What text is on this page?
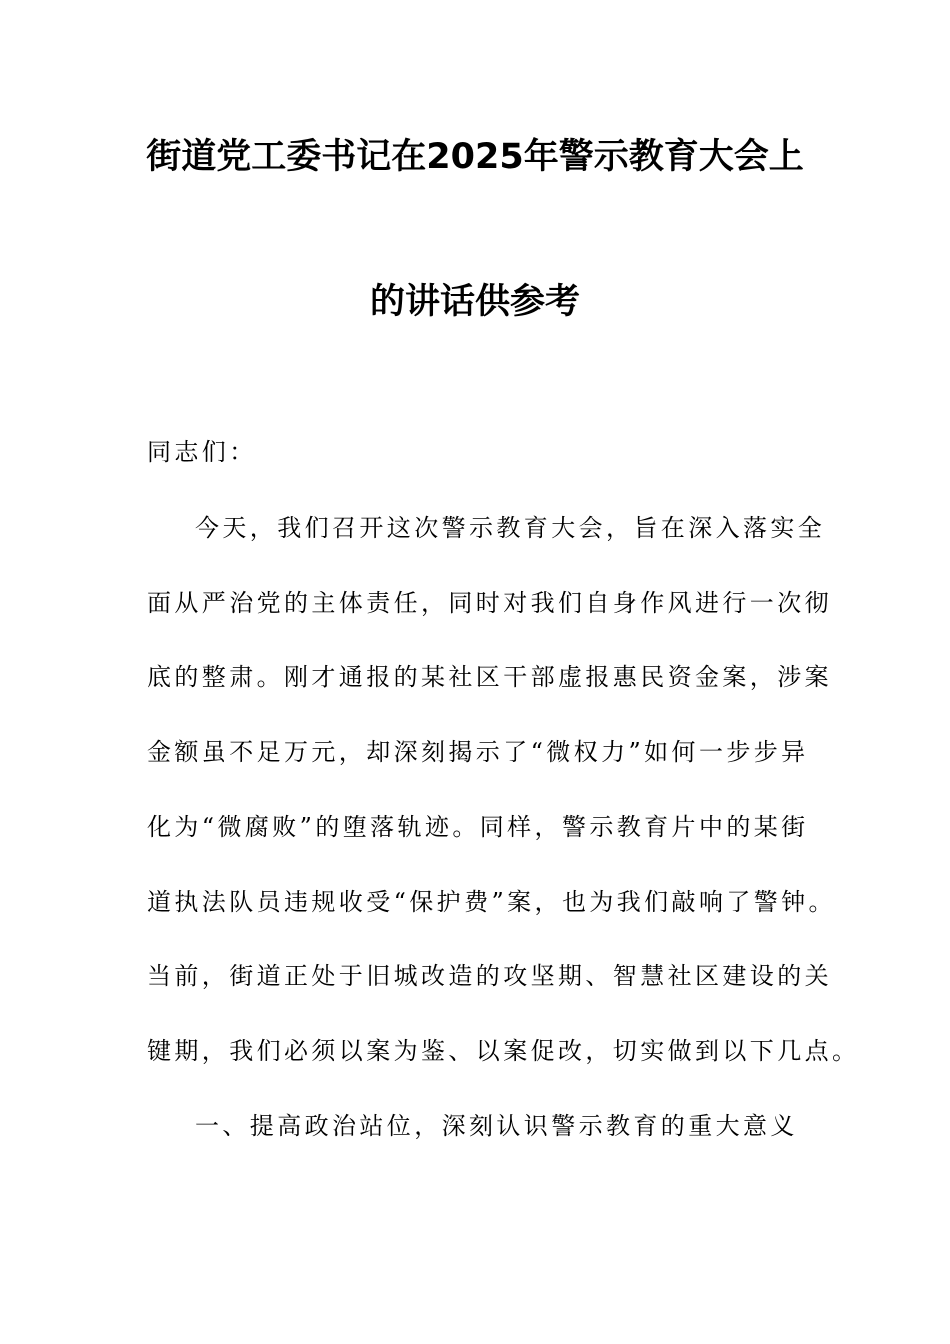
街道党工委书记在2025年警示教育大会上
的讲话供参考
同志们：
今天，我们召开这次警示教育大会，旨在深入落实全
面从严治党的主体责任，同时对我们自身作风进行一次彻
底的整肃。刚才通报的某社区干部虚报惠民资金案，涉案
金额虽不足万元，却深刻揭示了“微权力”如何一步步异
化为“微腐败”的堕落轨迹。同样，警示教育片中的某街
道执法队员违规收受“保护费”案，也为我们敲响了警钟。
当前，街道正处于旧城改造的攻坚期、智慧社区建设的关
键期，我们必须以案为鉴、以案促改，切实做到以下几点。
一、提高政治站位，深刻认识警示教育的重大意义
